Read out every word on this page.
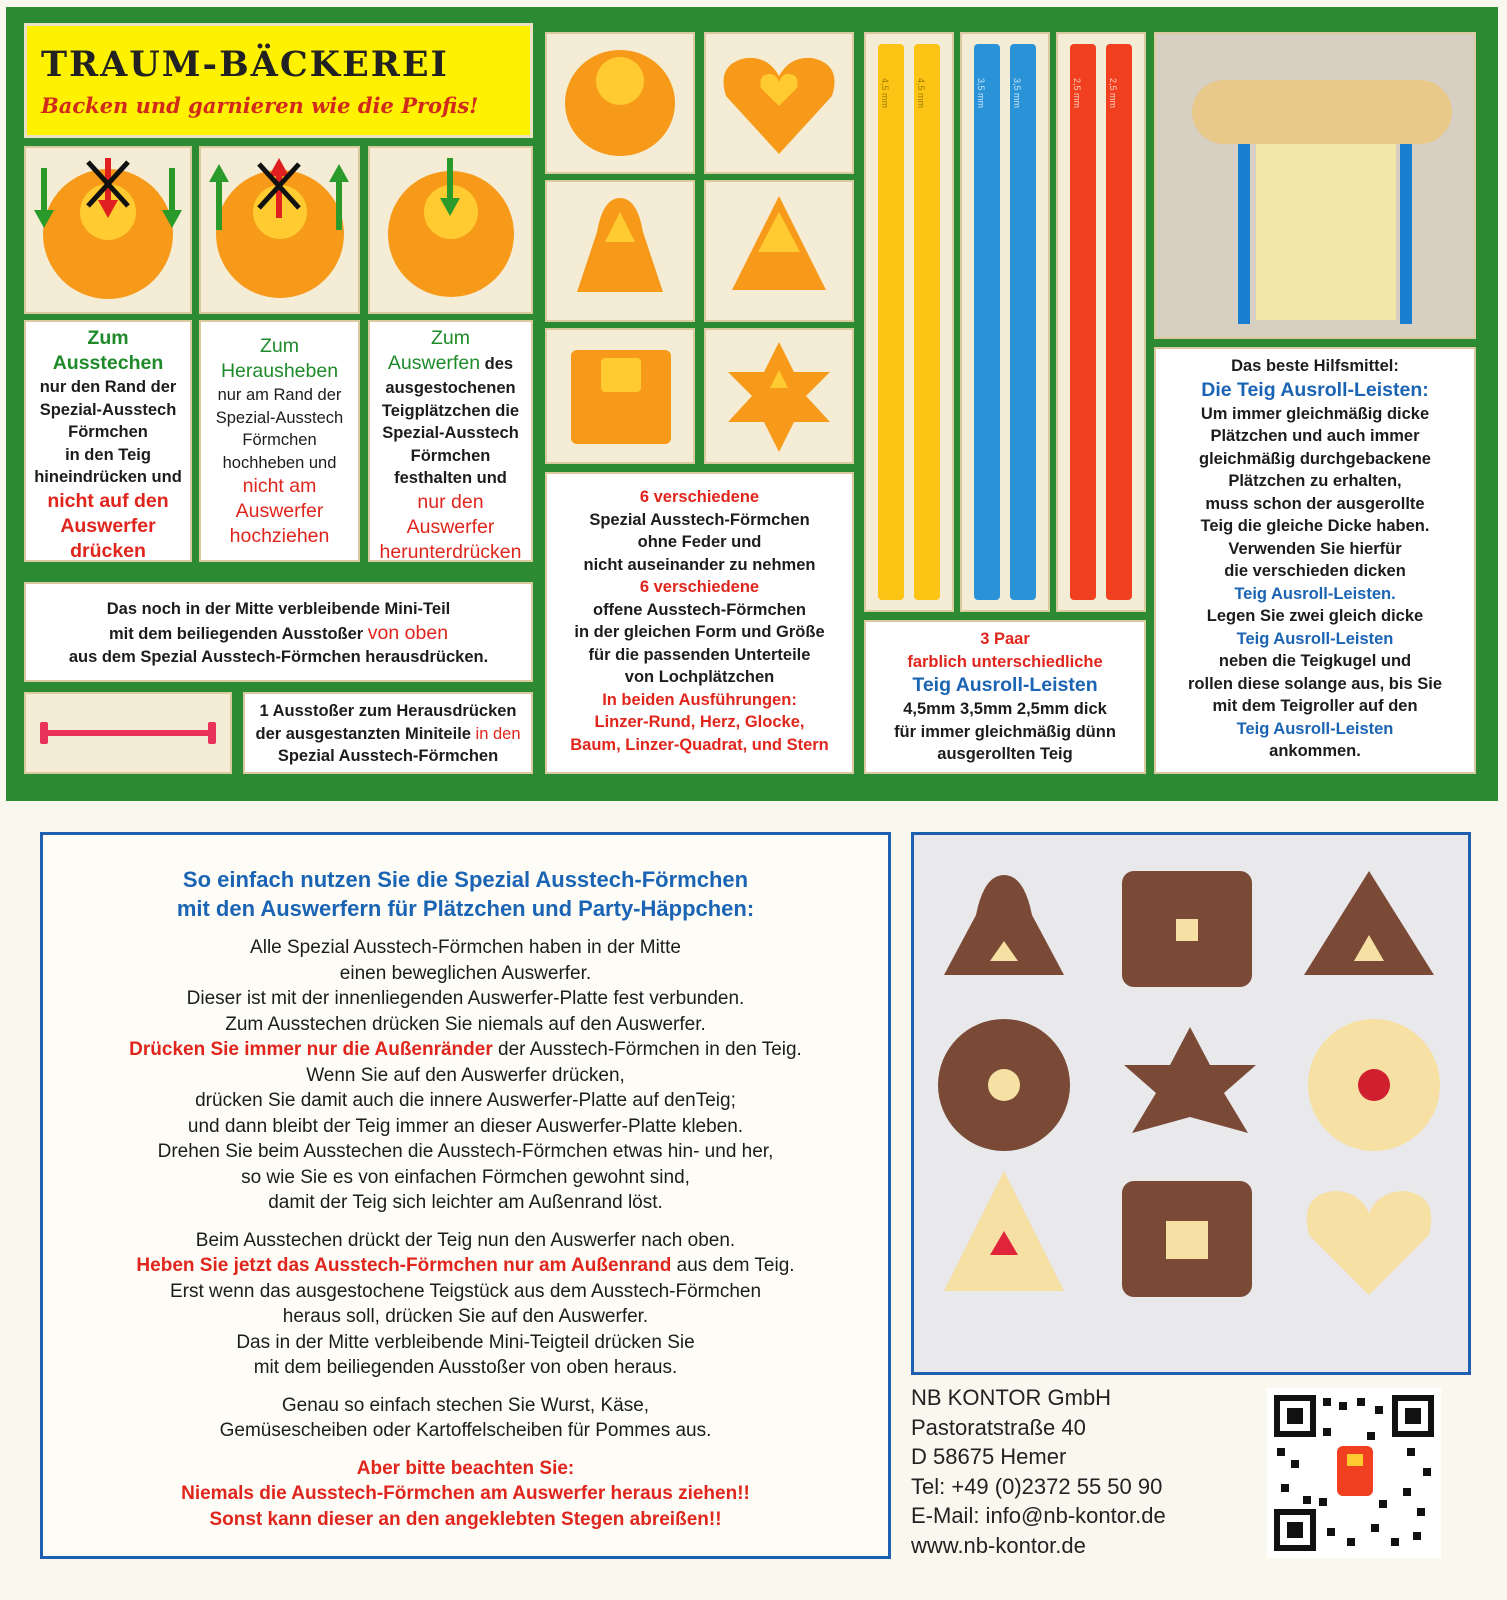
TRAUM-BÄCKEREI
Backen und garnieren wie die Profis!
Zum
Ausstechen
nur den Rand der
Spezial-Ausstech
Förmchen
in den Teig
hineindrücken und
nicht auf den
Auswerfer
drücken
Zum
Herausheben
nur am Rand der
Spezial-Ausstech
Förmchen
hochheben und
nicht am
Auswerfer
hochziehen
Zum
Auswerfen des
ausgestochenen
Teigplätzchen die
Spezial-Ausstech
Förmchen
festhalten und
nur den
Auswerfer
herunterdrücken
Das noch in der Mitte verbleibende Mini-Teil
mit dem beiliegenden Ausstoßer von oben
aus dem Spezial Ausstech-Förmchen herausdrücken.
1 Ausstoßer zum Herausdrücken
der ausgestanzten Miniteile in den
Spezial Ausstech-Förmchen
6 verschiedene
Spezial Ausstech-Förmchen
ohne Feder und
nicht auseinander zu nehmen
6 verschiedene
offene Ausstech-Förmchen
in der gleichen Form und Größe
für die passenden Unterteile
von Lochplätzchen
In beiden Ausführungen:
Linzer-Rund, Herz, Glocke,
Baum, Linzer-Quadrat, und Stern
4,5 mm	4,5 mm	3,5 mm	3,5 mm	2,5 mm	2,5 mm
3 Paar
farblich unterschiedliche
Teig Ausroll-Leisten
4,5mm 3,5mm 2,5mm dick
für immer gleichmäßig dünn
ausgerollten Teig
Das beste Hilfsmittel:
Die Teig Ausroll-Leisten:
Um immer gleichmäßig dicke
Plätzchen und auch immer
gleichmäßig durchgebackene
Plätzchen zu erhalten,
muss schon der ausgerollte
Teig die gleiche Dicke haben.
Verwenden Sie hierfür
die verschieden dicken
Teig Ausroll-Leisten.
Legen Sie zwei gleich dicke
Teig Ausroll-Leisten
neben die Teigkugel und
rollen diese solange aus, bis Sie
mit dem Teigroller auf den
Teig Ausroll-Leisten
ankommen.
So einfach nutzen Sie die Spezial Ausstech-Förmchen
mit den Auswerfern für Plätzchen und Party-Häppchen:
Alle Spezial Ausstech-Förmchen haben in der Mitte
einen beweglichen Auswerfer.
Dieser ist mit der innenliegenden Auswerfer-Platte fest verbunden.
Zum Ausstechen drücken Sie niemals auf den Auswerfer.
Drücken Sie immer nur die Außenränder der Ausstech-Förmchen in den Teig.
Wenn Sie auf den Auswerfer drücken,
drücken Sie damit auch die innere Auswerfer-Platte auf denTeig;
und dann bleibt der Teig immer an dieser Auswerfer-Platte kleben.
Drehen Sie beim Ausstechen die Ausstech-Förmchen etwas hin- und her,
so wie Sie es von einfachen Förmchen gewohnt sind,
damit der Teig sich leichter am Außenrand löst.
Beim Ausstechen drückt der Teig nun den Auswerfer nach oben.
Heben Sie jetzt das Ausstech-Förmchen nur am Außenrand aus dem Teig.
Erst wenn das ausgestochene Teigstück aus dem Ausstech-Förmchen
heraus soll, drücken Sie auf den Auswerfer.
Das in der Mitte verbleibende Mini-Teigteil drücken Sie
mit dem beiliegenden Ausstoßer von oben heraus.
Genau so einfach stechen Sie Wurst, Käse,
Gemüsescheiben oder Kartoffelscheiben für Pommes aus.
Aber bitte beachten Sie:
Niemals die Ausstech-Förmchen am Auswerfer heraus ziehen!!
Sonst kann dieser an den angeklebten Stegen abreißen!!
NB KONTOR GmbH
Pastoratstraße 40
D 58675 Hemer
Tel: +49 (0)2372 55 50 90
E-Mail: info@nb-kontor.de
www.nb-kontor.de
